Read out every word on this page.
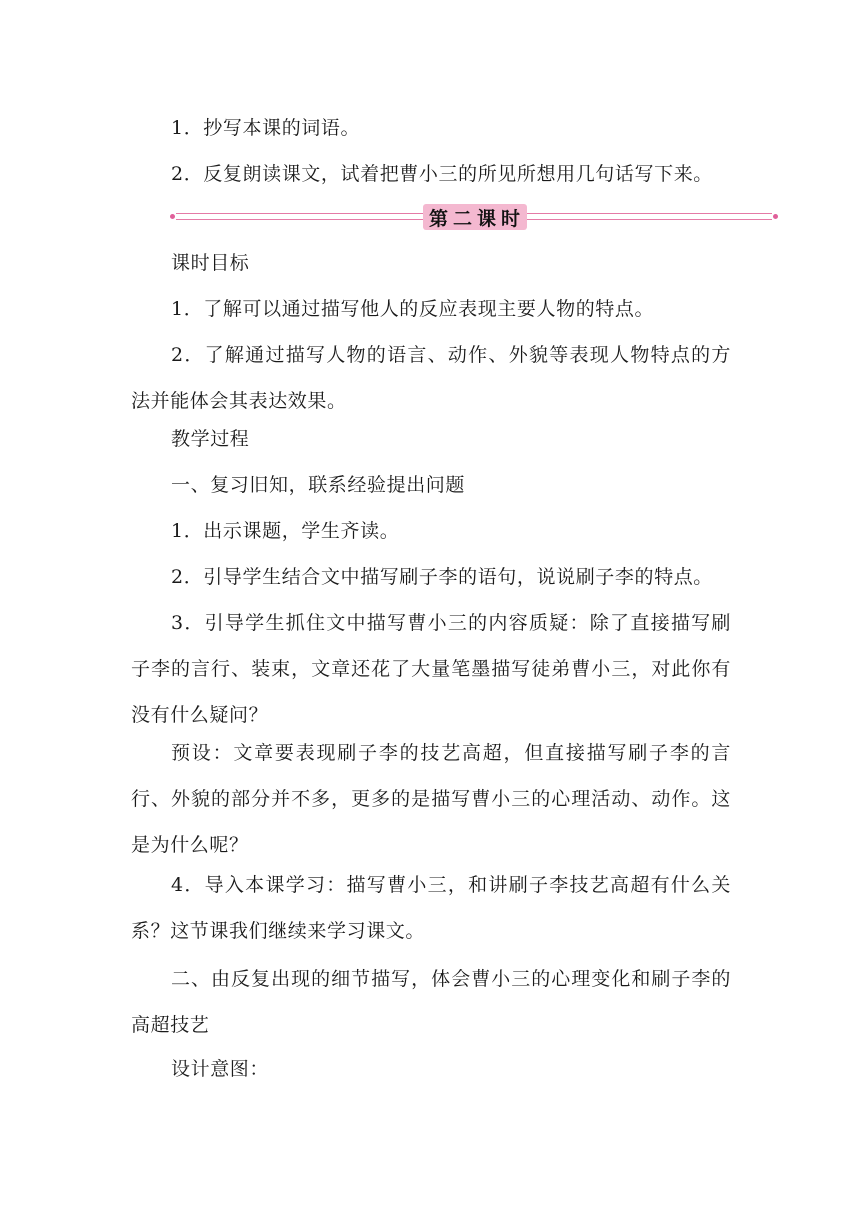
1．抄写本课的词语。

2．反复朗读课文，试着把曹小三的所见所想用几句话写下来。

第二课时

课时目标

1．了解可以通过描写他人的反应表现主要人物的特点。

2．了解通过描写人物的语言、动作、外貌等表现人物特点的方法并能体会其表达效果。

教学过程

一、复习旧知，联系经验提出问题

1．出示课题，学生齐读。

2．引导学生结合文中描写刷子李的语句，说说刷子李的特点。

3．引导学生抓住文中描写曹小三的内容质疑：除了直接描写刷子李的言行、装束，文章还花了大量笔墨描写徒弟曹小三，对此你有没有什么疑问？

预设：文章要表现刷子李的技艺高超，但直接描写刷子李的言行、外貌的部分并不多，更多的是描写曹小三的心理活动、动作。这是为什么呢？

4．导入本课学习：描写曹小三，和讲刷子李技艺高超有什么关系？这节课我们继续来学习课文。

二、由反复出现的细节描写，体会曹小三的心理变化和刷子李的高超技艺

设计意图：
